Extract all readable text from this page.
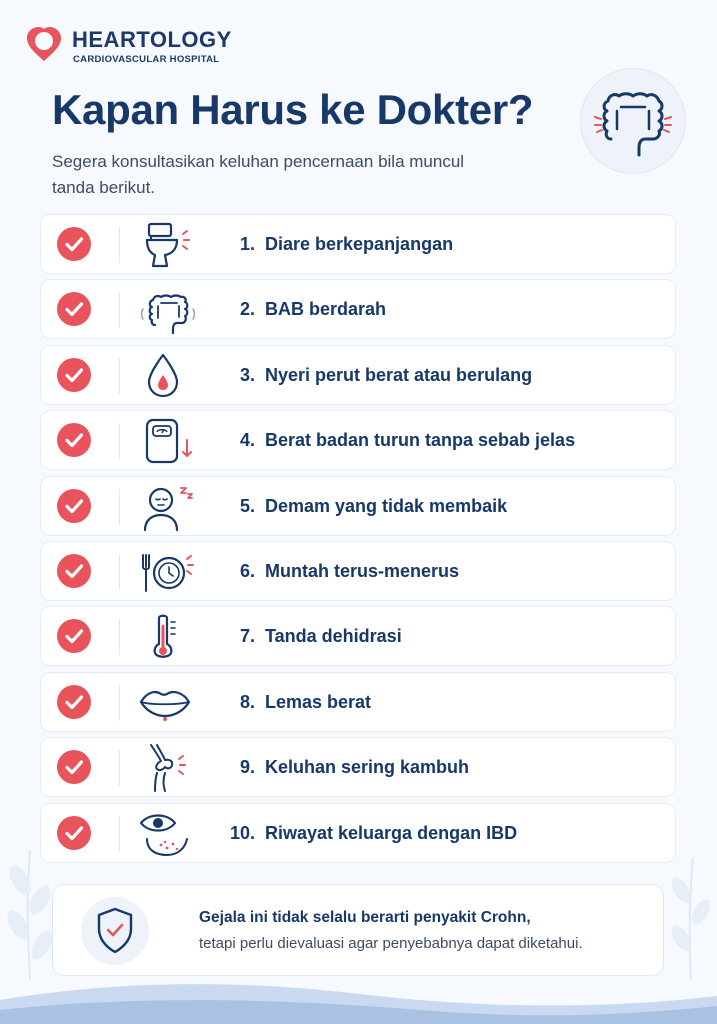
HEARTOLOGY
CARDIOVASCULAR HOSPITAL
Kapan Harus ke Dokter?
Segera konsultasikan keluhan pencernaan bila muncul tanda berikut.
1. Diare berkepanjangan
2. BAB berdarah
3. Nyeri perut berat atau berulang
4. Berat badan turun tanpa sebab jelas
5. Demam yang tidak membaik
6. Muntah terus-menerus
7. Tanda dehidrasi
8. Lemas berat
9. Keluhan sering kambuh
10. Riwayat keluarga dengan IBD
Gejala ini tidak selalu berarti penyakit Crohn,
tetapi perlu dievaluasi agar penyebabnya dapat diketahui.
